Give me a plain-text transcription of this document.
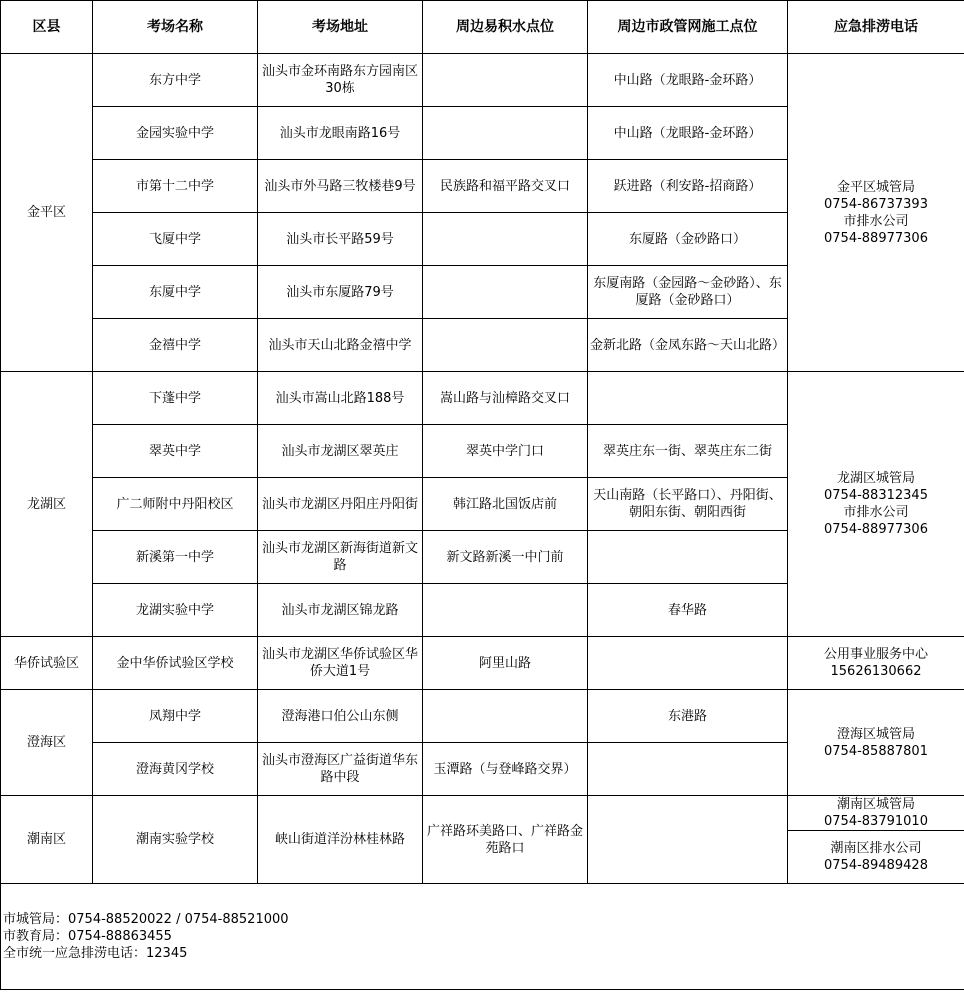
区县	考场名称	考场地址	周边易积水点位	周边市政管网施工点位	应急排涝电话
金平区	东方中学	汕头市金环南路东方园南区30栋		中山路（龙眼路-金环路）	金平区城管局
0754-86737393
市排水公司
0754-88977306

	金园实验中学	汕头市龙眼南路16号		中山路（龙眼路-金环路）	
	市第十二中学	汕头市外马路三牧楼巷9号	民族路和福平路交叉口	跃进路（利安路-招商路）	
	飞厦中学	汕头市长平路59号		东厦路（金砂路口）	
	东厦中学	汕头市东厦路79号		东厦南路（金园路～金砂路）、东厦路（金砂路口）	
	金禧中学	汕头市天山北路金禧中学		金新北路（金凤东路～天山北路）	
龙湖区	下蓬中学	汕头市嵩山北路188号	嵩山路与汕樟路交叉口		龙湖区城管局
0754-88312345
市排水公司
0754-88977306

	翠英中学	汕头市龙湖区翠英庄	翠英中学门口	翠英庄东一街、翠英庄东二街	
	广二师附中丹阳校区	汕头市龙湖区丹阳庄丹阳街	韩江路北国饭店前	天山南路（长平路口）、丹阳街、朝阳东街、朝阳西街	
	新溪第一中学	汕头市龙湖区新海街道新文路	新文路新溪一中门前		
	龙湖实验中学	汕头市龙湖区锦龙路		春华路	
华侨试验区	金中华侨试验区学校	汕头市龙湖区华侨试验区华侨大道1号	阿里山路		公用事业服务中心
15626130662

澄海区	凤翔中学	澄海港口伯公山东侧		东港路	澄海区城管局
0754-85887801

	澄海黄冈学校	汕头市澄海区广益街道华东路中段	玉潭路（与登峰路交界）		
潮南区	潮南实验学校	峡山街道洋汾林桂林路	广祥路环美路口、广祥路金苑路口		潮南区城管局
0754-83791010

					潮南区排水公司
0754-89489428

市城管局：0754-88520022 / 0754-88521000
市教育局：0754-88863455
全市统一应急排涝电话：12345					
